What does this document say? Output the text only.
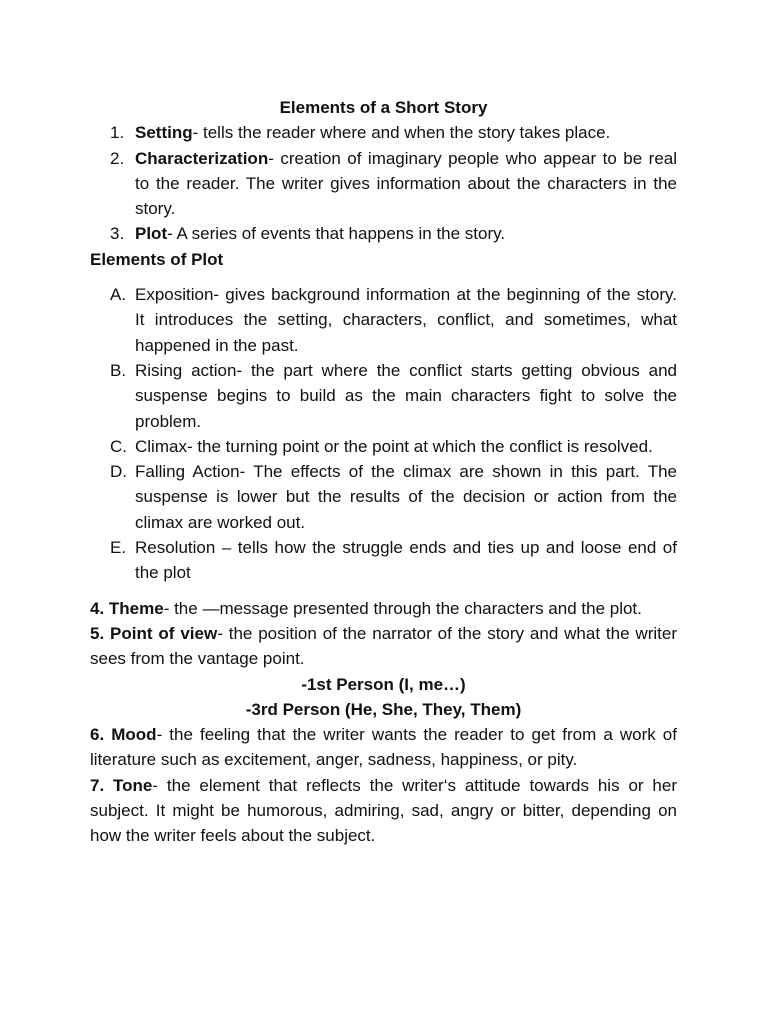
Elements of a Short Story

1. Setting- tells the reader where and when the story takes place.
2. Characterization- creation of imaginary people who appear to be real to the reader. The writer gives information about the characters in the story.
3. Plot- A series of events that happens in the story.

Elements of Plot

A. Exposition- gives background information at the beginning of the story. It introduces the setting, characters, conflict, and sometimes, what happened in the past.
B. Rising action- the part where the conflict starts getting obvious and suspense begins to build as the main characters fight to solve the problem.
C. Climax- the turning point or the point at which the conflict is resolved.
D. Falling Action- The effects of the climax are shown in this part. The suspense is lower but the results of the decision or action from the climax are worked out.
E. Resolution – tells how the struggle ends and ties up and loose end of the plot

4. Theme- the —message presented through the characters and the plot.

5. Point of view- the position of the narrator of the story and what the writer sees from the vantage point.

-1st Person (I, me…)

-3rd Person (He, She, They, Them)

6. Mood- the feeling that the writer wants the reader to get from a work of literature such as excitement, anger, sadness, happiness, or pity.

7. Tone- the element that reflects the writer‘s attitude towards his or her subject. It might be humorous, admiring, sad, angry or bitter, depending on how the writer feels about the subject.
